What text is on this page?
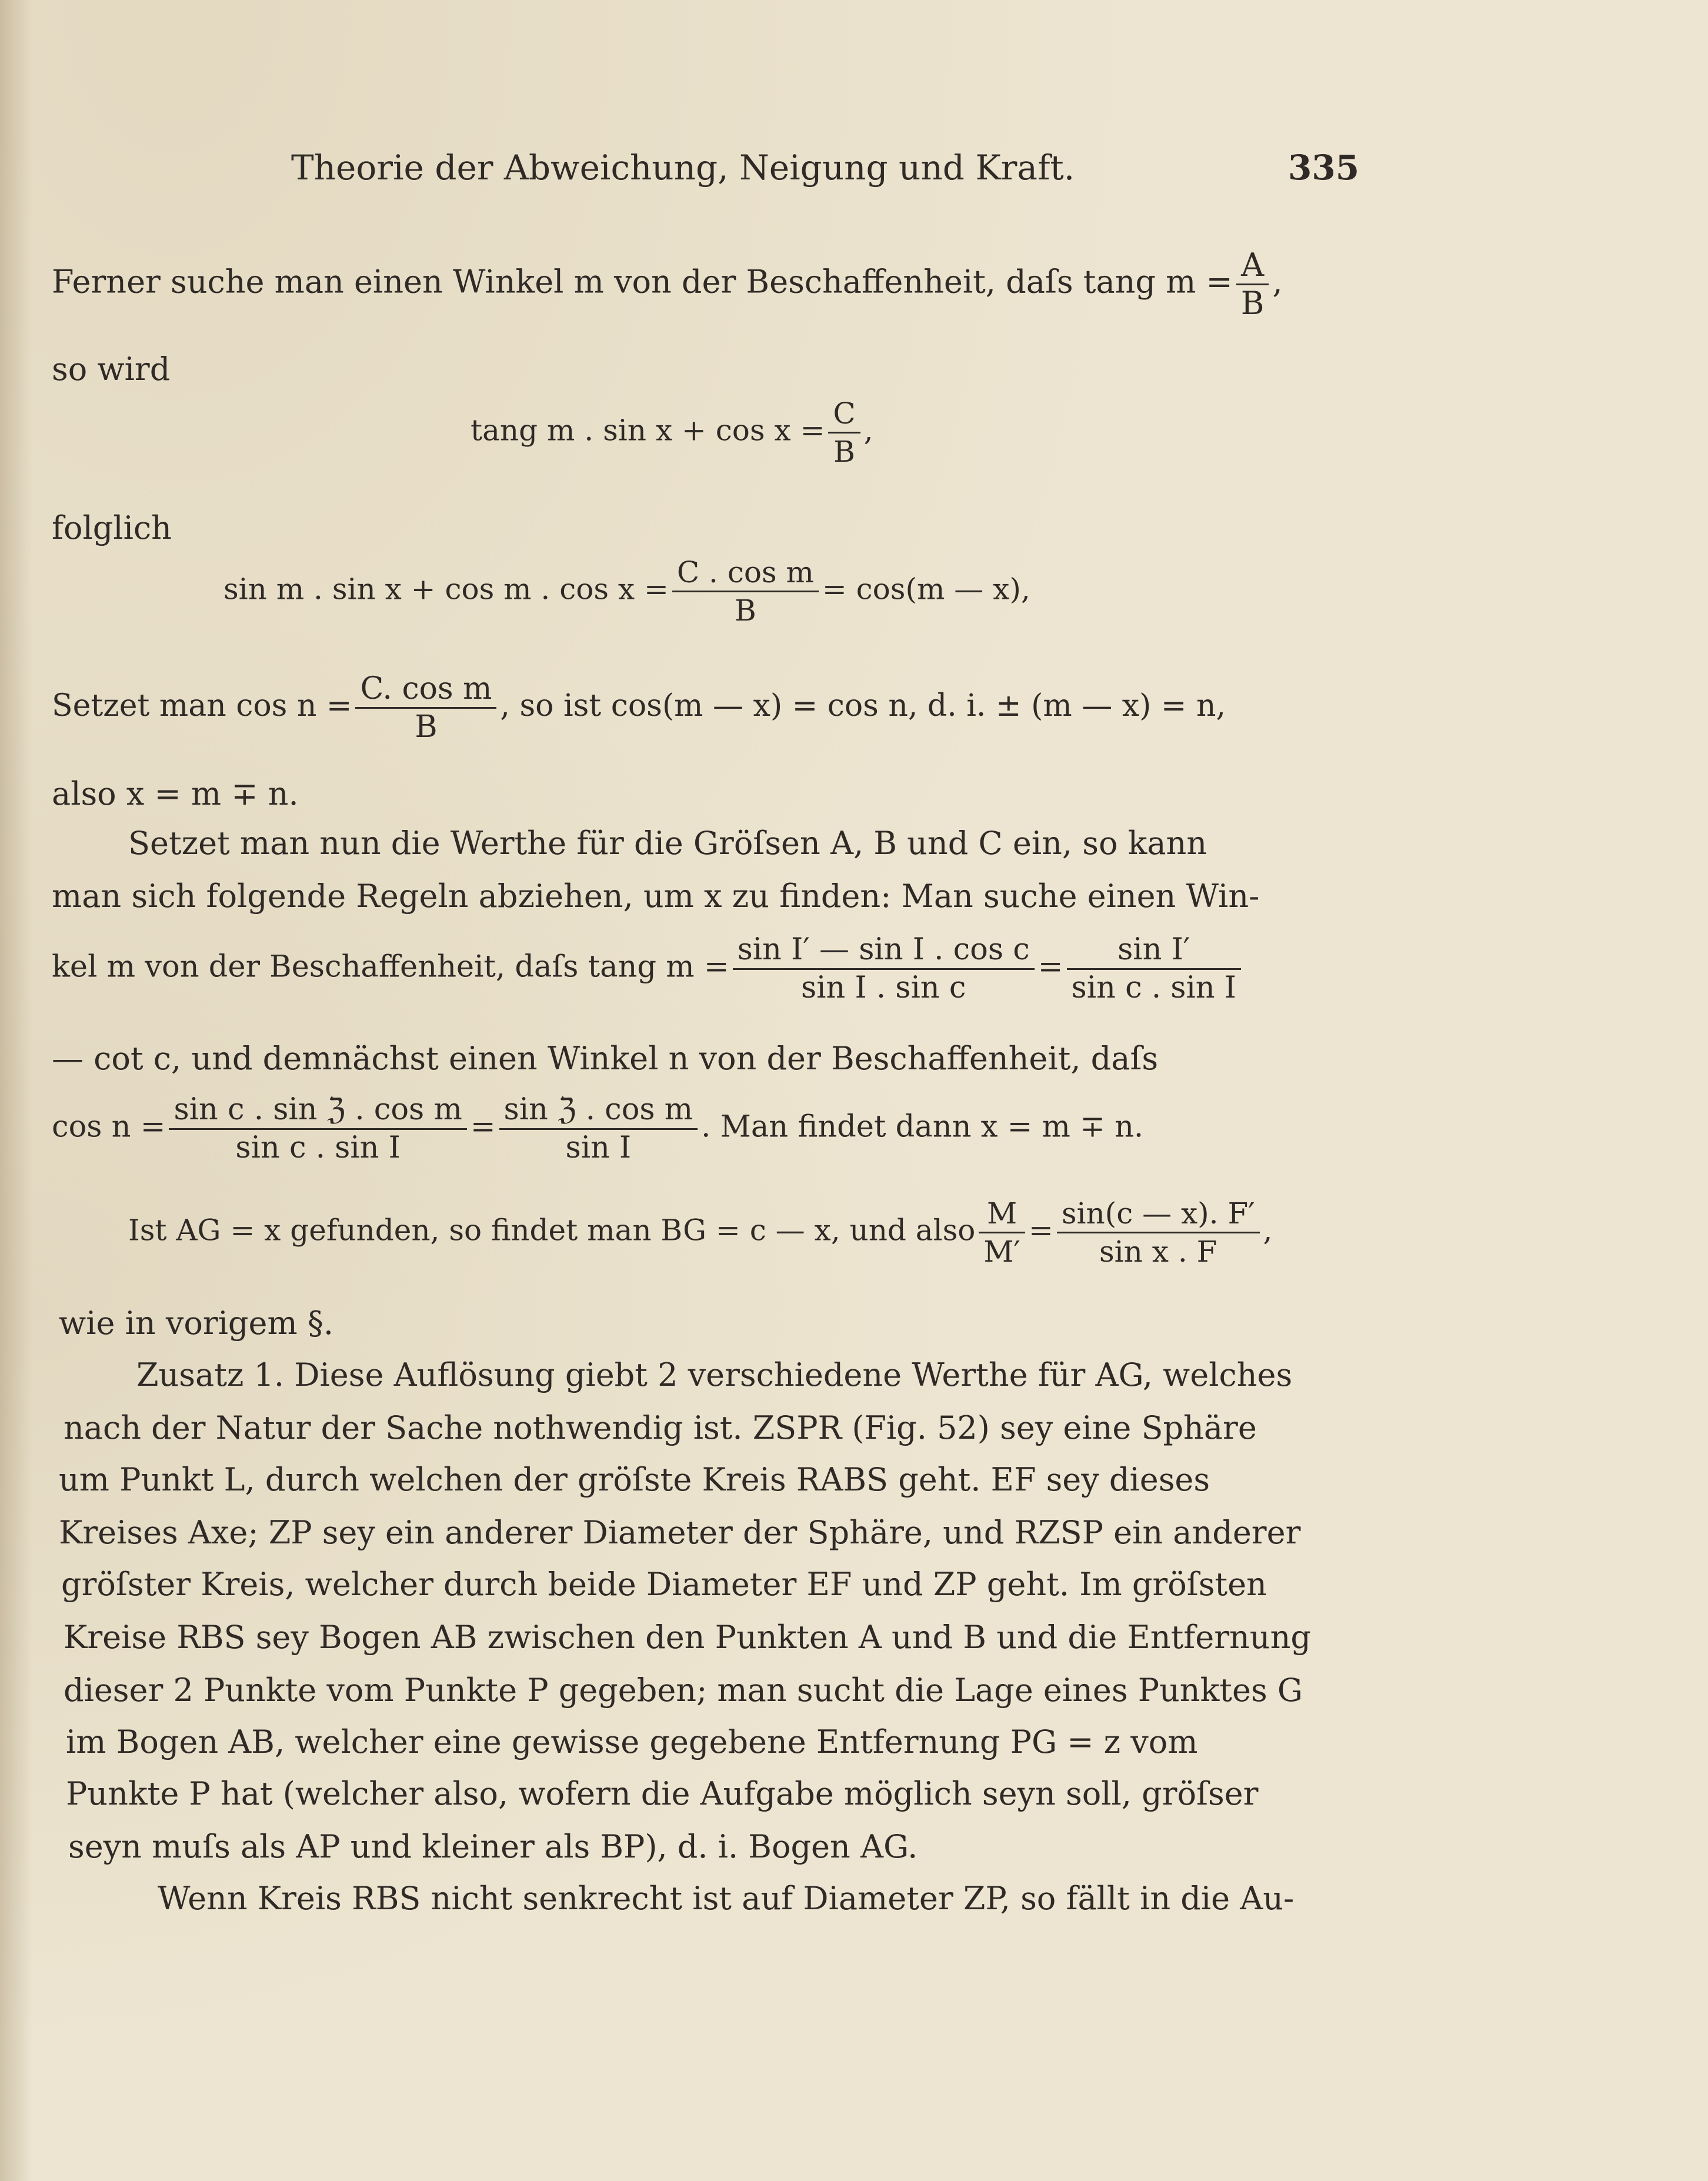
Theorie der Abweichung, Neigung und Kraft.	335
Ferner suche man einen Winkel m von der Beschaffenheit, daſs tang $m = \frac{A}{B}$ ,
so wird
tang m . $\sin x + \cos x = \frac{C}{B}$ ,
folglich
sin m . sin x + cos m . $\cos x = \frac{\text{C . cos m}}{B} = \cos(m$ — x),
Setzet man $\cos n = \frac{\text{C. cos m}}{B}$ , so ist cos(m — x) = cos n, d. i. ± (m — x) = n,
also x = m ∓ n.
Setzet man nun die Werthe für die Gröſsen A, B und C ein, so kann
man sich folgende Regeln abziehen, um x zu finden: Man suche einen Win-
kel m von der Beschaffenheit, daſs tang $m = \frac{\text{sin I′ — sin I . cos c}}{\text{sin I . sin c}} = \frac{\text{sin I′}}{\text{sin c . sin I}}$
— cot c, und demnächst einen Winkel n von der Beschaffenheit, daſs
$\cos n = \frac{\text{sin c . sin ℨ . cos m}}{\text{sin c . sin I}} = \frac{\text{sin ℨ . cos m}}{\text{sin I}}$ . Man findet dann x = m ∓ n.
Ist AG = x gefunden, so findet man BG = c — x, und also $\frac{M}{M'} = \frac{\sin(c — x). F'}{\text{sin x . F}}$ ,
wie in vorigem §.
Zusatz 1. Diese Auflösung giebt 2 verschiedene Werthe für AG, welches
nach der Natur der Sache nothwendig ist. ZSPR (Fig. 52) sey eine Sphäre
um Punkt L, durch welchen der gröſste Kreis RABS geht. EF sey dieses
Kreises Axe; ZP sey ein anderer Diameter der Sphäre, und RZSP ein anderer
gröſster Kreis, welcher durch beide Diameter EF und ZP geht. Im gröſsten
Kreise RBS sey Bogen AB zwischen den Punkten A und B und die Entfernung
dieser 2 Punkte vom Punkte P gegeben; man sucht die Lage eines Punktes G
im Bogen AB, welcher eine gewisse gegebene Entfernung PG = z vom
Punkte P hat (welcher also, wofern die Aufgabe möglich seyn soll, gröſser
seyn muſs als AP und kleiner als BP), d. i. Bogen AG.
Wenn Kreis RBS nicht senkrecht ist auf Diameter ZP, so fällt in die Au-
